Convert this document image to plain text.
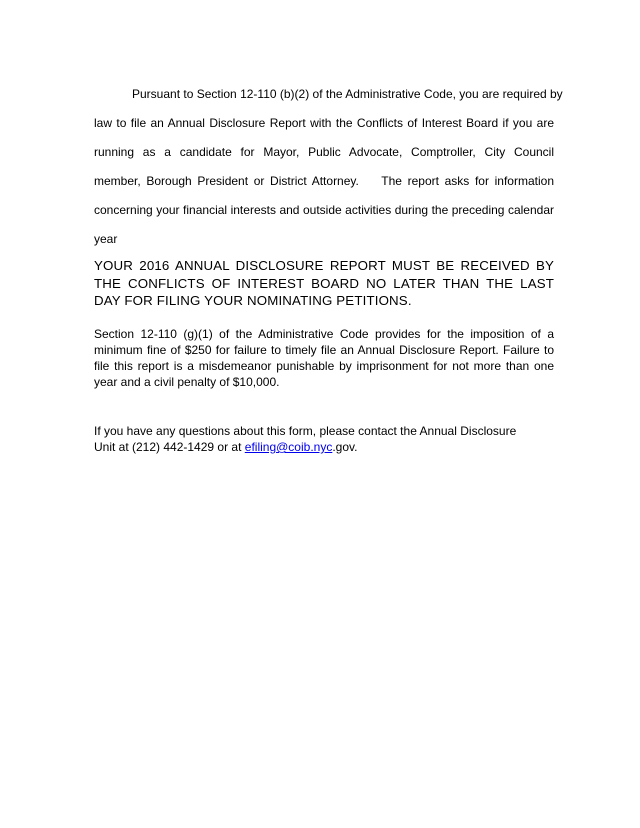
Pursuant to Section 12-110 (b)(2) of the Administrative Code, you are required by
law to file an Annual Disclosure Report with the Conflicts of Interest Board if you are
running as a candidate for Mayor, Public Advocate, Comptroller, City Council
member, Borough President or District Attorney.    The report asks for information
concerning your financial interests and outside activities during the preceding calendar
year
YOUR 2016 ANNUAL DISCLOSURE REPORT MUST BE RECEIVED BY THE CONFLICTS OF INTEREST BOARD NO LATER THAN THE LAST DAY FOR FILING YOUR NOMINATING PETITIONS.
Section 12-110 (g)(1) of the Administrative Code provides for the imposition of a minimum fine of $250 for failure to timely file an Annual Disclosure Report. Failure to file this report is a misdemeanor punishable by imprisonment for not more than one year and a civil penalty of $10,000.
If you have any questions about this form, please contact the Annual Disclosure
Unit at (212) 442-1429 or at efiling@coib.nyc.gov.
